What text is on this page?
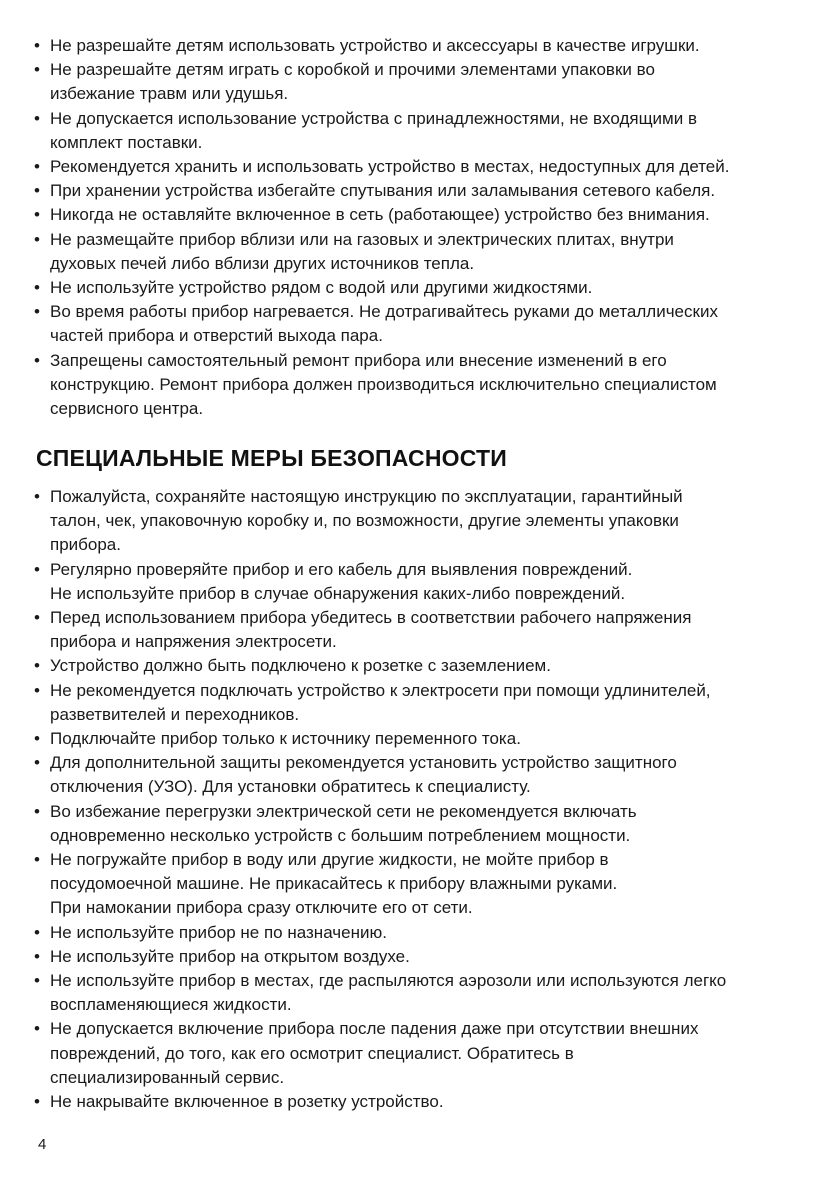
• Не разрешайте детям использовать устройство и аксессуары в качестве игрушки.
• Не разрешайте детям играть с коробкой и прочими элементами упаковки во
избежание травм или удушья.
• Не допускается использование устройства с принадлежностями, не входящими в
комплект поставки.
• Рекомендуется хранить и использовать устройство в местах, недоступных для детей.
• При хранении устройства избегайте спутывания или заламывания сетевого кабеля.
• Никогда не оставляйте включенное в сеть (работающее) устройство без внимания.
• Не размещайте прибор вблизи или на газовых и электрических плитах, внутри
духовых печей либо вблизи других источников тепла.
• Не используйте устройство рядом с водой или другими жидкостями.
• Во время работы прибор нагревается. Не дотрагивайтесь руками до металлических
частей прибора и отверстий выхода пара.
• Запрещены самостоятельный ремонт прибора или внесение изменений в его
конструкцию. Ремонт прибора должен производиться исключительно специалистом
сервисного центра.
СПЕЦИАЛЬНЫЕ МЕРЫ БЕЗОПАСНОСТИ
• Пожалуйста, сохраняйте настоящую инструкцию по эксплуатации, гарантийный
талон, чек, упаковочную коробку и, по возможности, другие элементы упаковки
прибора.
• Регулярно проверяйте прибор и его кабель для выявления повреждений.
Не используйте прибор в случае обнаружения каких-либо повреждений.
• Перед использованием прибора убедитесь в соответствии рабочего напряжения
прибора и напряжения электросети.
• Устройство должно быть подключено к розетке с заземлением.
• Не рекомендуется подключать устройство к электросети при помощи удлинителей,
разветвителей и переходников.
• Подключайте прибор только к источнику переменного тока.
• Для дополнительной защиты рекомендуется установить устройство защитного
отключения (УЗО). Для установки обратитесь к специалисту.
• Во избежание перегрузки электрической сети не рекомендуется включать
одновременно несколько устройств с большим потреблением мощности.
• Не погружайте прибор в воду или другие жидкости, не мойте прибор в
посудомоечной машине. Не прикасайтесь к прибору влажными руками.
При намокании прибора сразу отключите его от сети.
• Не используйте прибор не по назначению.
• Не используйте прибор на открытом воздухе.
• Не используйте прибор в местах, где распыляются аэрозоли или используются легко
воспламеняющиеся жидкости.
• Не допускается включение прибора после падения даже при отсутствии внешних
повреждений, до того, как его осмотрит специалист. Обратитесь в
специализированный сервис.
• Не накрывайте включенное в розетку устройство.
4
